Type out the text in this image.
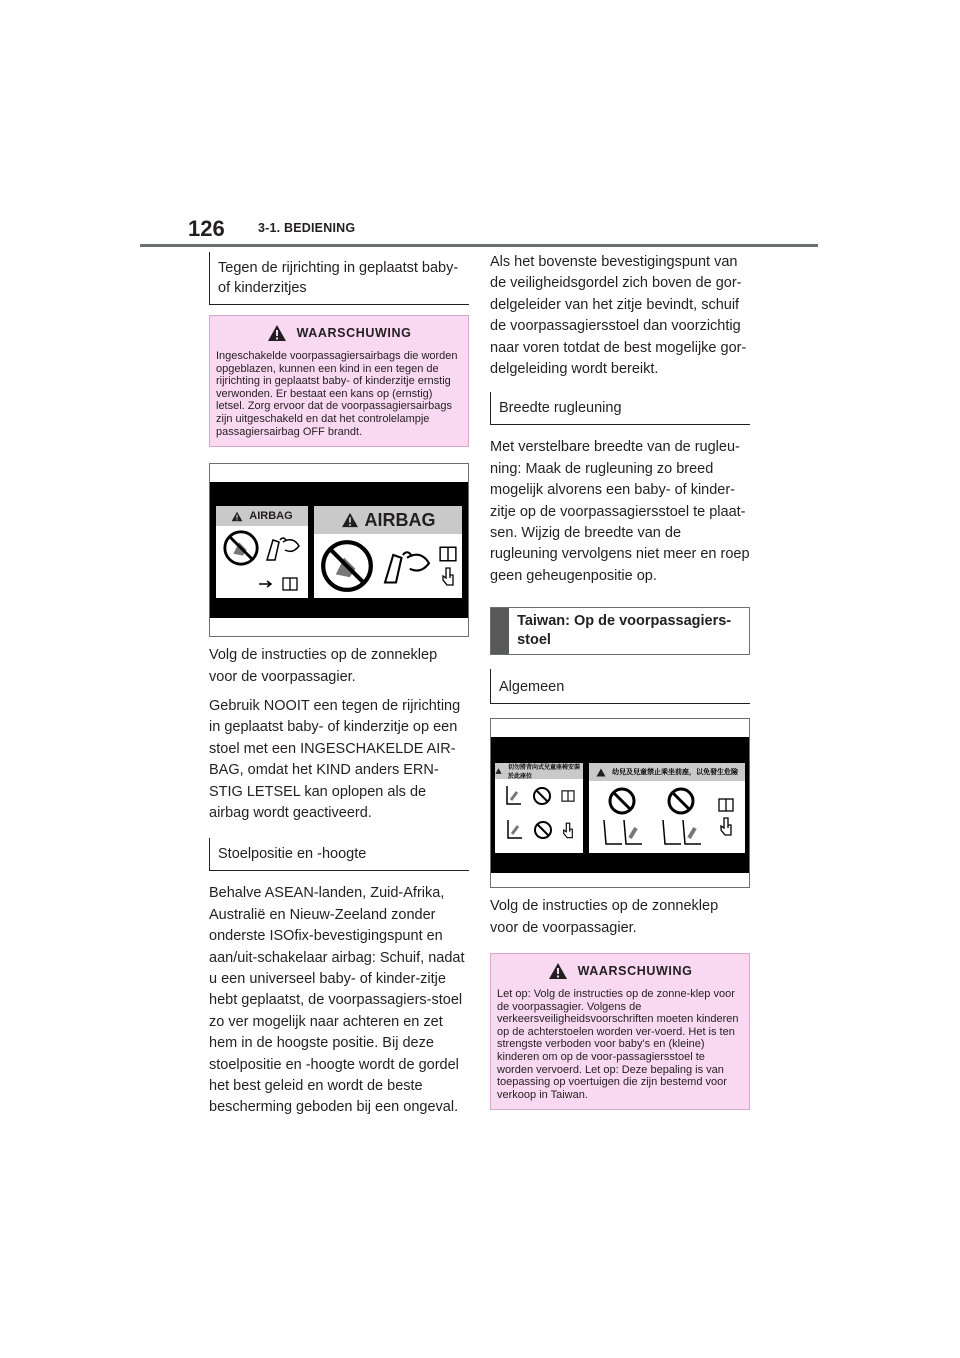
126	3-1. BEDIENING
Tegen de rijrichting in geplaatst baby- of kinderzitjes
WAARSCHUWING
Ingeschakelde voorpassagiersairbags die worden opgeblazen, kunnen een kind in een tegen de rijrichting in geplaatst baby- of kinderzitje ernstig verwonden. Er bestaat een kans op (ernstig) letsel. Zorg ervoor dat de voorpassagiersairbags zijn uitgeschakeld en dat het controlelampje passagiersairbag OFF brandt.
AIRBAG	AIRBAG

Volg de instructies op de zonneklep voor de voorpassagier.

Gebruik NOOIT een tegen de rijrichting in geplaatst baby- of kinderzitje op een stoel met een INGESCHAKELDE AIR-BAG, omdat het KIND anders ERN-STIG LETSEL kan oplopen als de airbag wordt geactiveerd.

Stoelpositie en -hoogte

Behalve ASEAN-landen, Zuid-Afrika, Australië en Nieuw-Zeeland zonder onderste ISOfix-bevestigingspunt en aan/uit-schakelaar airbag: Schuif, nadat u een universeel baby- of kinder-zitje hebt geplaatst, de voorpassagiers-stoel zo ver mogelijk naar achteren en zet hem in de hoogste positie. Bij deze stoelpositie en -hoogte wordt de gordel het best geleid en wordt de beste bescherming geboden bij een ongeval.

Als het bovenste bevestigingspunt van de veiligheidsgordel zich boven de gor-delgeleider van het zitje bevindt, schuif de voorpassagiersstoel dan voorzichtig naar voren totdat de best mogelijke gor-delgeleiding wordt bereikt.

Breedte rugleuning

Met verstelbare breedte van de rugleu-ning: Maak de rugleuning zo breed mogelijk alvorens een baby- of kinder-zitje op de voorpassagiersstoel te plaat-sen. Wijzig de breedte van de rugleuning vervolgens niet meer en roep geen geheugenpositie op.

Taiwan: Op de voorpassagiers-stoel
Algemeen
切勿將背向式兒童座椅安裝於此座位
幼兒及兒童禁止乘坐前座，以免發生危險

Volg de instructies op de zonneklep voor de voorpassagier.

WAARSCHUWING
Let op: Volg de instructies op de zonne-klep voor de voorpassagier. Volgens de verkeersveiligheidsvoorschriften moeten kinderen op de achterstoelen worden ver-voerd. Het is ten strengste verboden voor baby's en (kleine) kinderen om op de voor-passagiersstoel te worden vervoerd. Let op: Deze bepaling is van toepassing op voertuigen die zijn bestemd voor verkoop in Taiwan.
